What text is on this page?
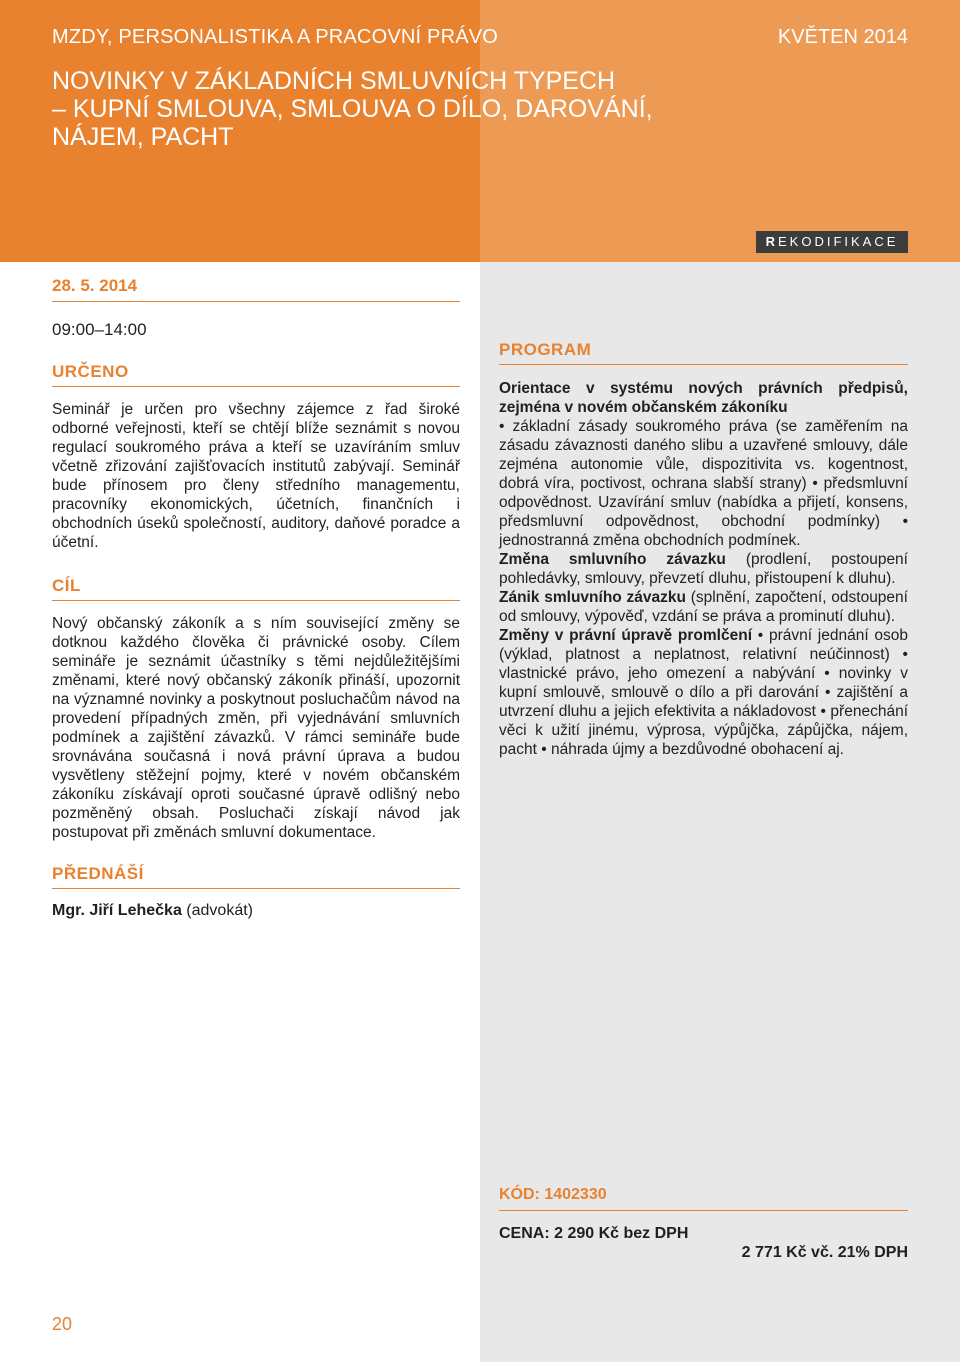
MZDY, PERSONALISTIKA A PRACOVNÍ PRÁVO	KVĚTEN 2014
NOVINKY V ZÁKLADNÍCH SMLUVNÍCH TYPECH
– KUPNÍ SMLOUVA, SMLOUVA O DÍLO, DAROVÁNÍ,
NÁJEM, PACHT
REKODIFIKACE
28. 5. 2014
09:00–14:00
URČENO

Seminář je určen pro všechny zájemce z řad široké odborné veřejnosti, kteří se chtějí blíže seznámit s novou regulací soukromého práva a kteří se uzavíráním smluv včetně zřizování zajišťovacích institutů zabývají. Seminář bude přínosem pro členy středního managementu, pracovníky ekonomických, účetních, finančních i obchodních úseků společností, auditory, daňové poradce a účetní.

CÍL

Nový občanský zákoník a s ním související změny se dotknou každého člověka či právnické osoby. Cílem semináře je seznámit účastníky s těmi nejdůležitějšími změnami, které nový občanský zákoník přináší, upozornit na významné novinky a poskytnout posluchačům návod na provedení případných změn, při vyjednávání smluvních podmínek a zajištění závazků. V rámci semináře bude srovnávána současná i nová právní úprava a budou vysvětleny stěžejní pojmy, které v novém občanském zákoníku získávají oproti současné úpravě odlišný nebo pozměněný obsah. Posluchači získají návod jak postupovat při změnách smluvní dokumentace.

PŘEDNÁŠÍ

Mgr. Jiří Lehečka (advokát)

PROGRAM

Orientace v systému nových právních předpisů, zejména v novém občanském zákoníku
• základní zásady soukromého práva (se zaměřením na zásadu závaznosti daného slibu a uzavřené smlouvy, dále zejména autonomie vůle, dispozitivita vs. kogentnost, dobrá víra, poctivost, ochrana slabší strany) • předsmluvní odpovědnost. Uzavírání smluv (nabídka a přijetí, konsens, předsmluvní odpovědnost, obchodní podmínky) • jednostranná změna obchodních podmínek.

Změna smluvního závazku (prodlení, postoupení pohledávky, smlouvy, převzetí dluhu, přistoupení k dluhu).

Zánik smluvního závazku (splnění, započtení, odstoupení od smlouvy, výpověď, vzdání se práva a prominutí dluhu).

Změny v právní úpravě promlčení • právní jednání osob (výklad, platnost a neplatnost, relativní neúčinnost) • vlastnické právo, jeho omezení a nabývání • novinky v kupní smlouvě, smlouvě o dílo a při darování • zajištění a utvrzení dluhu a jejich efektivita a nákladovost • přenechání věci k užití jinému, výprosa, výpůjčka, zápůjčka, nájem, pacht • náhrada újmy a bezdůvodné obohacení aj.

KÓD: 1402330
CENA: 2 290 Kč bez DPH
2 771 Kč vč. 21% DPH
20
